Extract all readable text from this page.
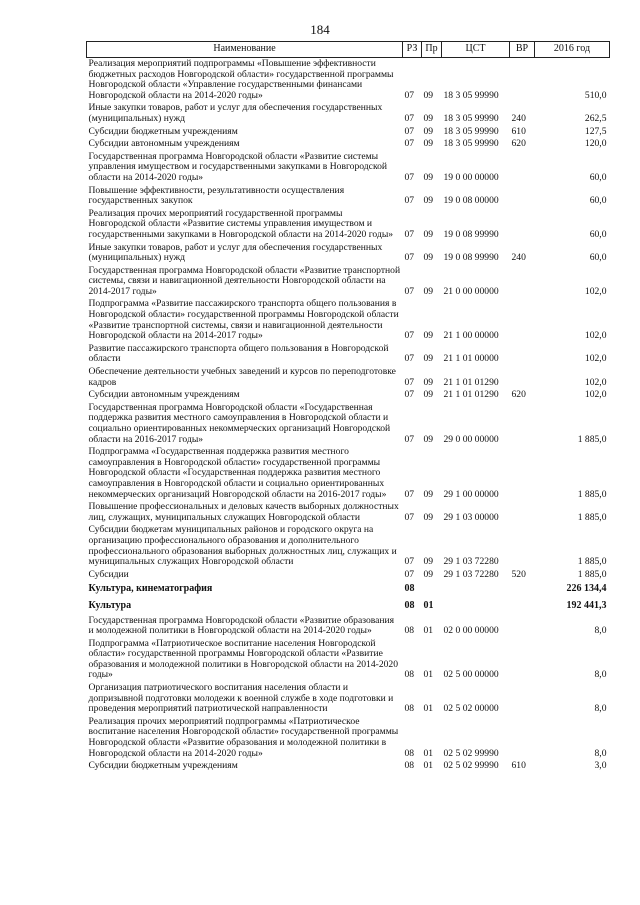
184
Наименование	РЗ	Пр	ЦСТ	ВР	2016 год
Реализация мероприятий подпрограммы «Повышение эффективности бюджетных расходов Новгородской области» государственной программы Новгородской области «Управление государственными финансами Новгородской области на 2014-2020 годы»	07	09	18 3 05 99990		510,0
Иные закупки товаров, работ и услуг для обеспечения государственных (муниципальных) нужд	07	09	18 3 05 99990	240	262,5
Субсидии бюджетным учреждениям	07	09	18 3 05 99990	610	127,5
Субсидии автономным учреждениям	07	09	18 3 05 99990	620	120,0
Государственная программа Новгородской области «Развитие системы управления имуществом и государственными закупками в Новгородской области на 2014-2020 годы»	07	09	19 0 00 00000		60,0
Повышение эффективности, результативности осуществления государственных закупок	07	09	19 0 08 00000		60,0
Реализация прочих мероприятий государственной программы Новгородской области «Развитие системы управления имуществом и государственными закупками в Новгородской области на 2014-2020 годы»	07	09	19 0 08 99990		60,0
Иные закупки товаров, работ и услуг для обеспечения государственных (муниципальных) нужд	07	09	19 0 08 99990	240	60,0
Государственная программа Новгородской области «Развитие транспортной системы, связи и навигационной деятельности Новгородской области на 2014-2017 годы»	07	09	21 0 00 00000		102,0
Подпрограмма «Развитие пассажирского транспорта общего пользования в Новгородской области» государственной программы Новгородской области «Развитие транспортной системы, связи и навигационной деятельности Новгородской области на 2014-2017 годы»	07	09	21 1 00 00000		102,0
Развитие пассажирского транспорта общего пользования в Новгородской области	07	09	21 1 01 00000		102,0
Обеспечение деятельности учебных заведений и курсов по переподготовке кадров	07	09	21 1 01 01290		102,0
Субсидии автономным учреждениям	07	09	21 1 01 01290	620	102,0
Государственная программа Новгородской области «Государственная поддержка развития местного самоуправления в Новгородской области и социально ориентированных некоммерческих организаций Новгородской области на 2016-2017 годы»	07	09	29 0 00 00000		1 885,0
Подпрограмма «Государственная поддержка развития местного самоуправления в Новгородской области» государственной программы Новгородской области «Государственная поддержка развития местного самоуправления в Новгородской области и социально ориентированных некоммерческих организаций Новгородской области на 2016-2017 годы»	07	09	29 1 00 00000		1 885,0
Повышение профессиональных и деловых качеств выборных должностных лиц, служащих, муниципальных служащих Новгородской области	07	09	29 1 03 00000		1 885,0
Субсидии бюджетам муниципальных районов и городского округа на организацию профессионального образования и дополнительного профессионального образования выборных должностных лиц, служащих и муниципальных служащих Новгородской области	07	09	29 1 03 72280		1 885,0
Субсидии	07	09	29 1 03 72280	520	1 885,0
Культура, кинематография	08				226 134,4
Культура	08	01			192 441,3
Государственная программа Новгородской области «Развитие образования и молодежной политики в Новгородской области на 2014-2020 годы»	08	01	02 0 00 00000		8,0
Подпрограмма «Патриотическое воспитание населения Новгородской области» государственной программы Новгородской области «Развитие образования и молодежной политики в Новгородской области на 2014-2020 годы»	08	01	02 5 00 00000		8,0
Организация патриотического воспитания населения области и допризывной подготовки молодежи к военной службе в ходе подготовки и проведения мероприятий патриотической направленности	08	01	02 5 02 00000		8,0
Реализация прочих мероприятий подпрограммы «Патриотическое воспитание населения Новгородской области» государственной программы Новгородской области «Развитие образования и молодежной политики в Новгородской области на 2014-2020 годы»	08	01	02 5 02 99990		8,0
Субсидии бюджетным учреждениям	08	01	02 5 02 99990	610	3,0
